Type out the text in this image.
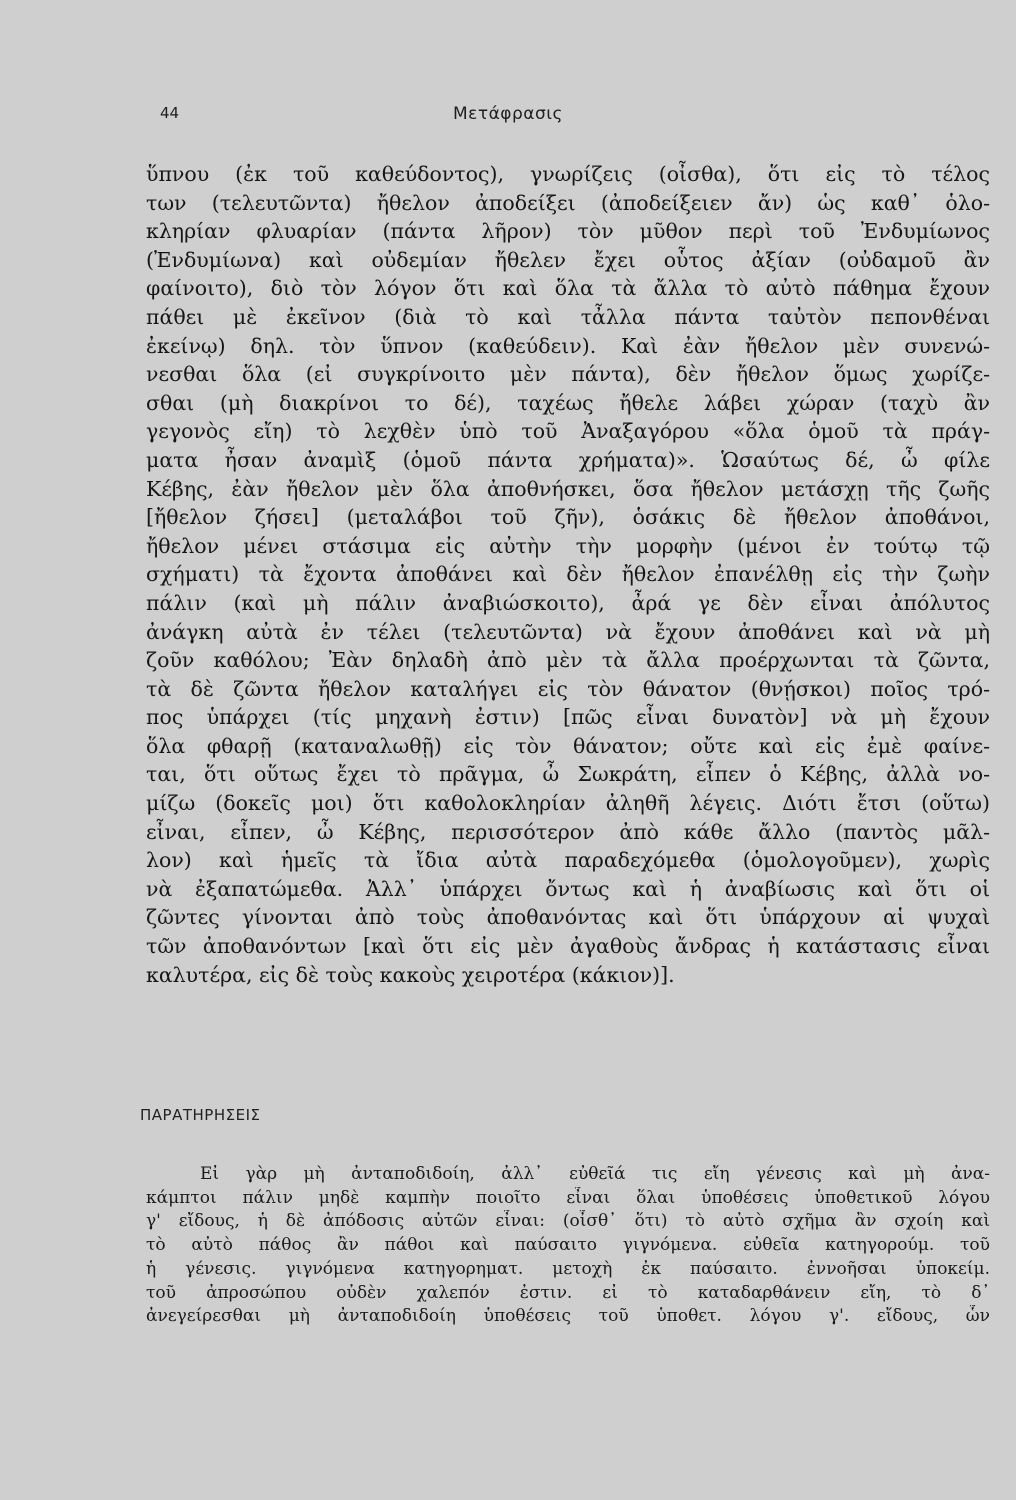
44	Μετάφρασις
ὕπνου (ἐκ τοῦ καθεύδοντος), γνωρίζεις (οἶσθα), ὅτι εἰς τὸ τέλος
των (τελευτῶντα) ἤθελον ἀποδείξει (ἀποδείξειεν ἄν) ὡς καθ᾿ ὁλο-
κληρίαν φλυαρίαν (πάντα λῆρον) τὸν μῦθον περὶ τοῦ Ἐνδυμίωνος
(Ἐνδυμίωνα) καὶ οὐδεμίαν ἤθελεν ἔχει οὗτος ἀξίαν (οὐδαμοῦ ἂν
φαίνοιτο), διὸ τὸν λόγον ὅτι καὶ ὅλα τὰ ἄλλα τὸ αὐτὸ πάθημα ἔχουν
πάθει μὲ ἐκεῖνον (διὰ τὸ καὶ τἆλλα πάντα ταὐτὸν πεπονθέναι
ἐκείνῳ) δηλ. τὸν ὕπνον (καθεύδειν). Καὶ ἐὰν ἤθελον μὲν συνενώ-
νεσθαι ὅλα (εἰ συγκρίνοιτο μὲν πάντα), δὲν ἤθελον ὅμως χωρίζε-
σθαι (μὴ διακρίνοι το δέ), ταχέως ἤθελε λάβει χώραν (ταχὺ ἂν
γεγονὸς εἴη) τὸ λεχθὲν ὑπὸ τοῦ Ἀναξαγόρου «ὅλα ὁμοῦ τὰ πράγ-
ματα ἦσαν ἀναμὶξ (ὁμοῦ πάντα χρήματα)». Ὡσαύτως δέ, ὦ φίλε
Κέβης, ἐὰν ἤθελον μὲν ὅλα ἀποθνήσκει, ὅσα ἤθελον μετάσχῃ τῆς ζωῆς
[ἤθελον ζήσει] (μεταλάβοι τοῦ ζῆν), ὁσάκις δὲ ἤθελον ἀποθάνοι,
ἤθελον μένει στάσιμα εἰς αὐτὴν τὴν μορφὴν (μένοι ἐν τούτῳ τῷ
σχήματι) τὰ ἔχοντα ἀποθάνει καὶ δὲν ἤθελον ἐπανέλθῃ εἰς τὴν ζωὴν
πάλιν (καὶ μὴ πάλιν ἀναβιώσκοιτο), ἆρά γε δὲν εἶναι ἀπόλυτος
ἀνάγκη αὐτὰ ἐν τέλει (τελευτῶντα) νὰ ἔχουν ἀποθάνει καὶ νὰ μὴ
ζοῦν καθόλου; Ἐὰν δηλαδὴ ἀπὸ μὲν τὰ ἄλλα προέρχωνται τὰ ζῶντα,
τὰ δὲ ζῶντα ἤθελον καταλήγει εἰς τὸν θάνατον (θνῄσκοι) ποῖος τρό-
πος ὑπάρχει (τίς μηχανὴ ἐστιν) [πῶς εἶναι δυνατὸν] νὰ μὴ ἔχουν
ὅλα φθαρῇ (καταναλωθῇ) εἰς τὸν θάνατον; οὔτε καὶ εἰς ἐμὲ φαίνε-
ται, ὅτι οὕτως ἔχει τὸ πρᾶγμα, ὦ Σωκράτη, εἶπεν ὁ Κέβης, ἀλλὰ νο-
μίζω (δοκεῖς μοι) ὅτι καθολοκληρίαν ἀληθῆ λέγεις. Διότι ἔτσι (οὕτω)
εἶναι, εἶπεν, ὦ Κέβης, περισσότερον ἀπὸ κάθε ἄλλο (παντὸς μᾶλ-
λον) καὶ ἡμεῖς τὰ ἴδια αὐτὰ παραδεχόμεθα (ὁμολογοῦμεν), χωρὶς
νὰ ἐξαπατώμεθα. Ἀλλ᾿ ὑπάρχει ὄντως καὶ ἡ ἀναβίωσις καὶ ὅτι οἱ
ζῶντες γίνονται ἀπὸ τοὺς ἀποθανόντας καὶ ὅτι ὑπάρχουν αἱ ψυχαὶ
τῶν ἀποθανόντων [καὶ ὅτι εἰς μὲν ἀγαθοὺς ἄνδρας ἡ κατάστασις εἶναι
καλυτέρα, εἰς δὲ τοὺς κακοὺς χειροτέρα (κάκιον)].
ΠΑΡΑΤΗΡΗΣΕΙΣ
Εἰ γὰρ μὴ ἀνταποδιδοίη, ἀλλ᾿ εὐθεῖά τις εἴη γένεσις καὶ μὴ ἀνα-
κάμπτοι πάλιν μηδὲ καμπὴν ποιοῖτο εἶναι ὅλαι ὑποθέσεις ὑποθετικοῦ λόγου
γ' εἴδους, ἡ δὲ ἀπόδοσις αὐτῶν εἶναι: (οἶσθ᾿ ὅτι) τὸ αὐτὸ σχῆμα ἂν σχοίη καὶ
τὸ αὐτὸ πάθος ἂν πάθοι καὶ παύσαιτο γιγνόμενα. εὐθεῖα κατηγορούμ. τοῦ
ἡ γένεσις. γιγνόμενα κατηγορηματ. μετοχὴ ἐκ παύσαιτο. ἐννοῆσαι ὑποκείμ.
τοῦ ἀπροσώπου οὐδὲν χαλεπόν ἐστιν. εἰ τὸ καταδαρθάνειν εἴη, τὸ δ᾿
ἀνεγείρεσθαι μὴ ἀνταποδιδοίη ὑποθέσεις τοῦ ὑποθετ. λόγου γ'. εἴδους, ὧν
